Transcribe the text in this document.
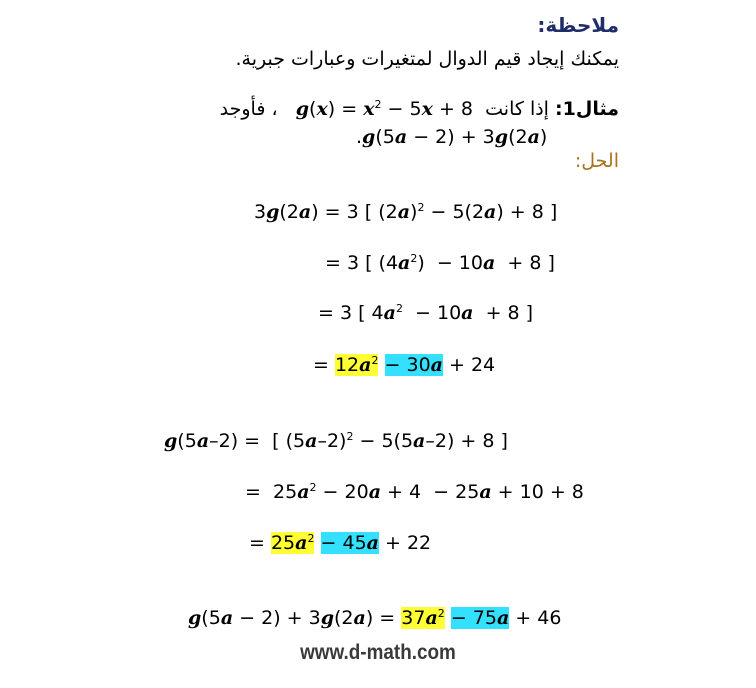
ملاحظة:
يمكنك إيجاد قيم الدوال لمتغيرات وعبارات جبرية.
مثال1: إذا كانت   $g(x) = x^2 - 5x + 8$  ، فأوجد
.g(5a − 2) + 3g(2a)
الحل:
3g(2a) = 3 [ $(2a)^2 - 5(2a) + 8$ ]
= 3 [ $(4a^2) - 10a + 8$ ]
= 3 [ $4a^2 - 10a + 8$ ]
= $12a^2 - 30a + 24$
g(5a–2) =  [ $(5a-2)^2 - 5(5a-2) + 8$ ]
=  $25a^2 - 20a + 4 - 25a + 10 + 8$
= $25a^2 - 45a + 22$
$g(5a - 2) + 3g(2a) = 37a^2 - 75a + 46$
www.d-math.com
